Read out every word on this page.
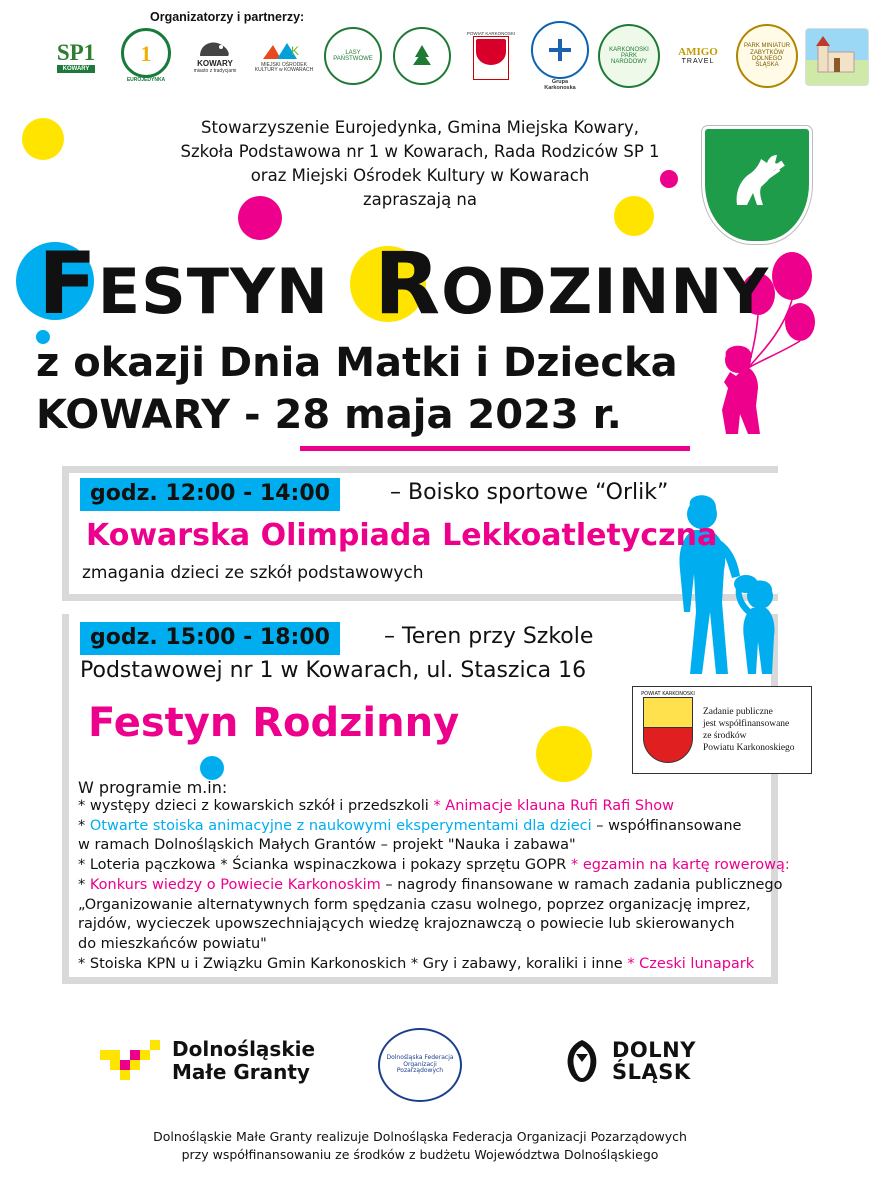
Organizatorzy i partnerzy:
SP1
KOWARY
1
EUROJEDYNKA
KOWARY
miasto z tradycjami
K
MIEJSKI OŚRODEK
KULTURY w KOWARACH
LASY
PAŃSTWOWE
POWIAT KARKONOSKI
Grupa
Karkonoska
KARKONOSKI
PARK
NARODOWY
AMIGO
TRAVEL
PARK MINIATUR
ZABYTKÓW
DOLNEGO ŚLĄSKA
Stowarzyszenie Eurojedynka, Gmina Miejska Kowary,
Szkoła Podstawowa nr 1 w Kowarach, Rada Rodziców SP 1
oraz Miejski Ośrodek Kultury w Kowarach
zapraszają na
FESTYN RODZINNY
z okazji Dnia Matki i Dziecka
KOWARY - 28 maja 2023 r.
godz. 12:00 - 14:00	– Boisko sportowe “Orlik”
Kowarska Olimpiada Lekkoatletyczna
zmagania dzieci ze szkół podstawowych
godz. 15:00 - 18:00	– Teren przy Szkole
Podstawowej nr 1 w Kowarach, ul. Staszica 16
Festyn Rodzinny
POWIAT KARKONOSKI
Zadanie publiczne
jest współfinansowane
ze środków
Powiatu Karkonoskiego
W programie m.in:
* występy dzieci z kowarskich szkół i przedszkoli * Animacje klauna Rufi Rafi Show
* Otwarte stoiska animacyjne z naukowymi eksperymentami dla dzieci – współfinansowane
w ramach Dolnośląskich Małych Grantów – projekt "Nauka i zabawa"
* Loteria pączkowa * Ścianka wspinaczkowa i pokazy sprzętu GOPR * egzamin na kartę rowerową:
* Konkurs wiedzy o Powiecie Karkonoskim – nagrody finansowane w ramach zadania publicznego
„Organizowanie alternatywnych form spędzania czasu wolnego, poprzez organizację imprez,
rajdów, wycieczek upowszechniających wiedzę krajoznawczą o powiecie lub skierowanych
do mieszkańców powiatu"
* Stoiska KPN u i Związku Gmin Karkonoskich * Gry i zabawy, koraliki i inne * Czeski lunapark
Dolnośląskie
Małe Granty
Dolnośląska Federacja Organizacji Pozarządowych
DOLNY
ŚLĄSK
Dolnośląskie Małe Granty realizuje Dolnośląska Federacja Organizacji Pozarządowych
przy współfinansowaniu ze środków z budżetu Województwa Dolnośląskiego
